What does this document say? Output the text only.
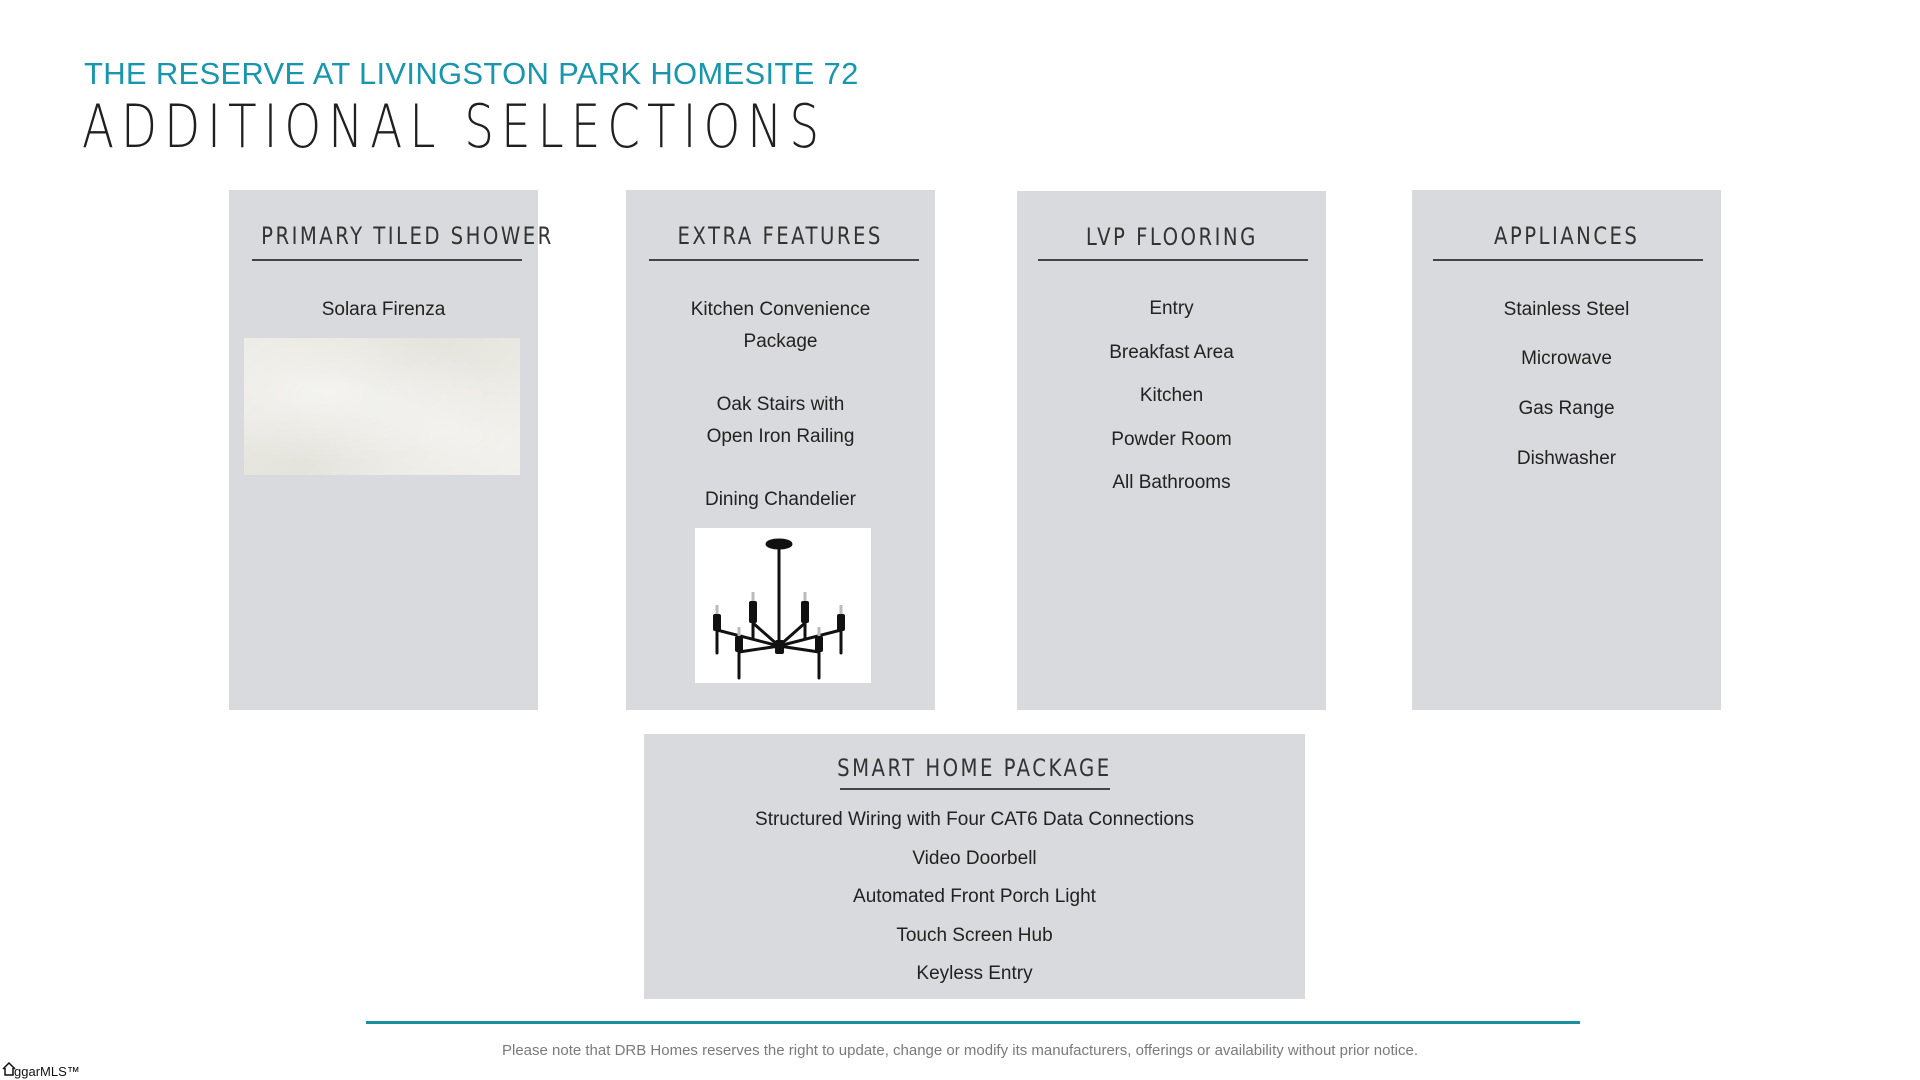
THE RESERVE AT LIVINGSTON PARK HOMESITE 72
ADDITIONAL SELECTIONS
PRIMARY TILED SHOWER
Solara Firenza
EXTRA FEATURES
Kitchen Convenience
Package
Oak Stairs with
Open Iron Railing
Dining Chandelier
LVP FLOORING
Entry
Breakfast Area
Kitchen
Powder Room
All Bathrooms
APPLIANCES
Stainless Steel
Microwave
Gas Range
Dishwasher
SMART HOME PACKAGE
Structured Wiring with Four CAT6 Data Connections
Video Doorbell
Automated Front Porch Light
Touch Screen Hub
Keyless Entry
Please note that DRB Homes reserves the right to update, change or modify its manufacturers, offerings or availability without prior notice.
ggarMLS™
